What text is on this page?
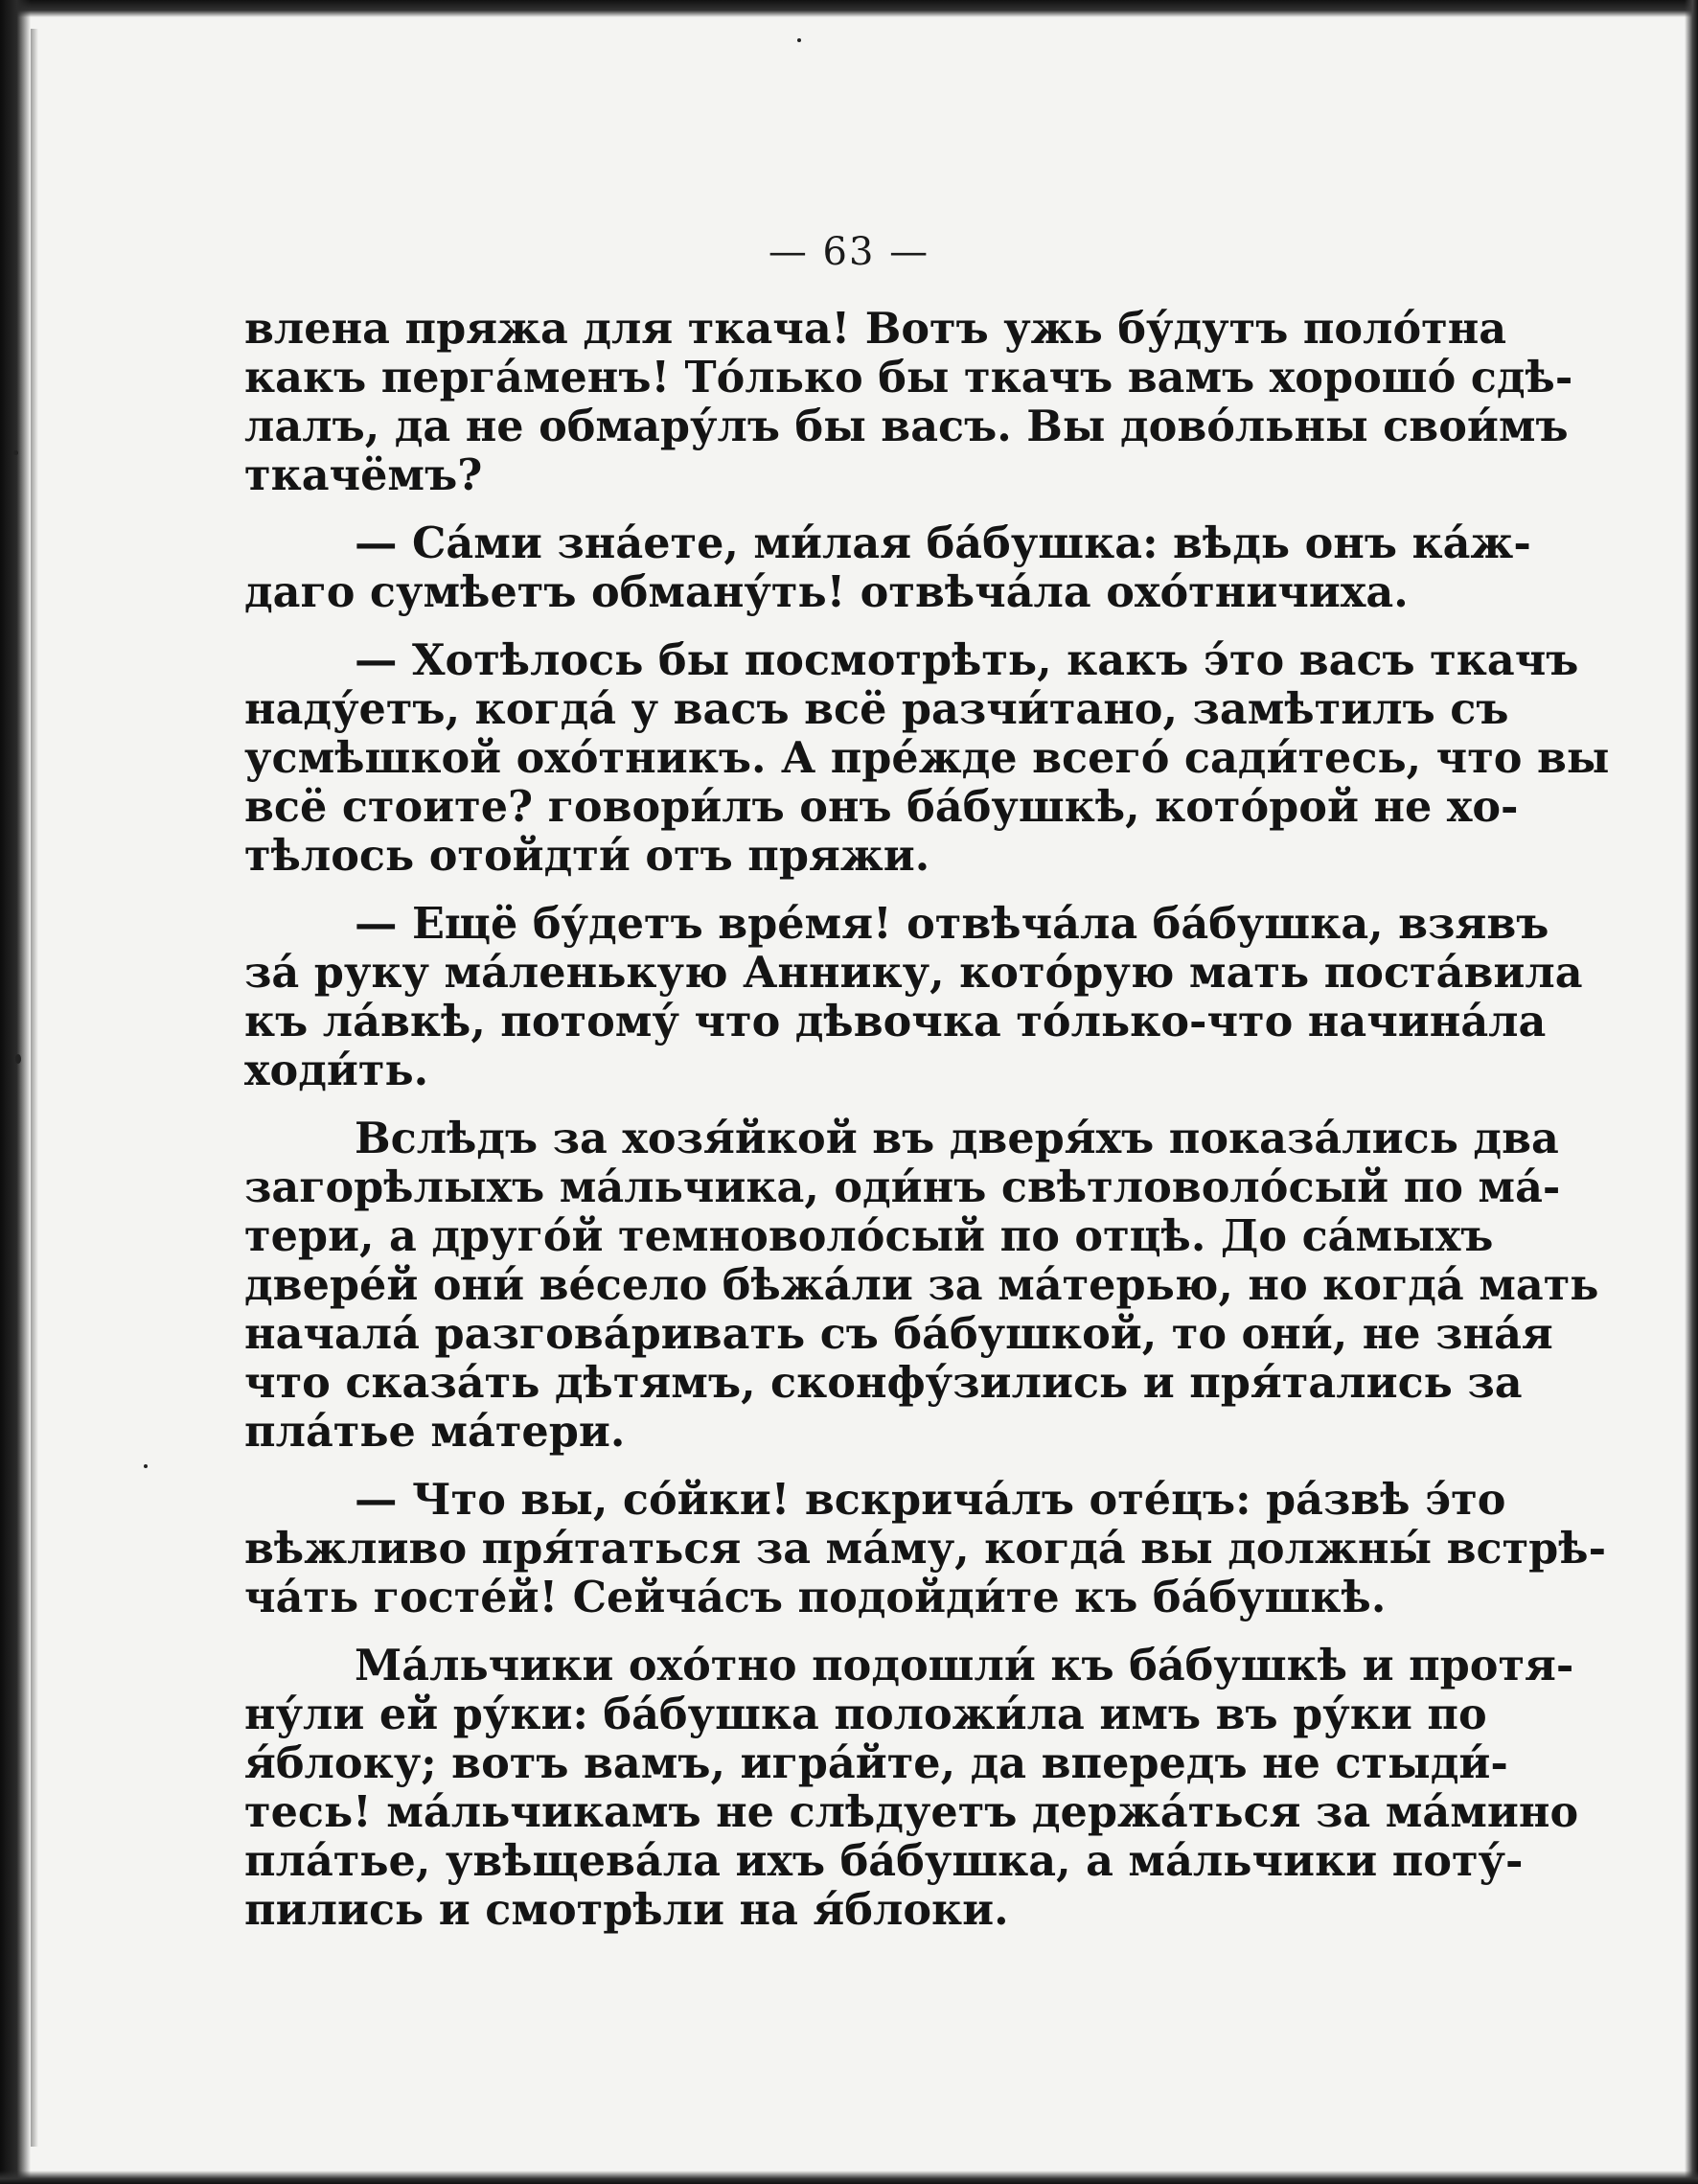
— 63 —
влена пряжа для ткача! Вотъ ужь бу́дутъ поло́тна
какъ перга́менъ! То́лько бы ткачъ вамъ хорошо́ сдѣ-
лалъ, да не обмару́лъ бы васъ. Вы дово́льны свои́мъ
ткачёмъ?
— Са́ми зна́ете, ми́лая ба́бушка: вѣдь онъ ка́ж-
даго сумѣетъ обману́ть! отвѣча́ла охо́тничиха.
— Хотѣлось бы посмотрѣть, какъ э́то васъ ткачъ
наду́етъ, когда́ у васъ всё разчи́тано, замѣтилъ съ
усмѣшкой охо́тникъ. А пре́жде всего́ сади́тесь, что вы
всё стоите? говори́лъ онъ ба́бушкѣ, кото́рой не хо-
тѣлось отойдти́ отъ пряжи.
— Ещё бу́детъ вре́мя! отвѣча́ла ба́бушка, взявъ
за́ руку ма́ленькую Аннику, кото́рую мать поста́вила
къ ла́вкѣ, потому́ что дѣвочка то́лько-что начина́ла
ходи́ть.
Вслѣдъ за хозя́йкой въ дверя́хъ показа́лись два
загорѣлыхъ ма́льчика, оди́нъ свѣтловоло́сый по ма́-
тери, а друго́й темноволо́сый по отцѣ. До са́мыхъ
двере́й они́ ве́село бѣжа́ли за ма́терью, но когда́ мать
начала́ разгова́ривать съ ба́бушкой, то они́, не зна́я
что сказа́ть дѣтямъ, сконфу́зились и пря́тались за
пла́тье ма́тери.
— Что вы, со́йки! вскрича́лъ оте́цъ: ра́звѣ э́то
вѣжливо пря́таться за ма́му, когда́ вы должны́ встрѣ-
ча́ть госте́й! Сейча́съ подойди́те къ ба́бушкѣ.
Ма́льчики охо́тно подошли́ къ ба́бушкѣ и протя-
ну́ли ей ру́ки: ба́бушка положи́ла имъ въ ру́ки по
я́блоку; вотъ вамъ, игра́йте, да впередъ не стыди́-
тесь! ма́льчикамъ не слѣдуетъ держа́ться за ма́мино
пла́тье, увѣщева́ла ихъ ба́бушка, а ма́льчики поту́-
пились и смотрѣли на я́блоки.
